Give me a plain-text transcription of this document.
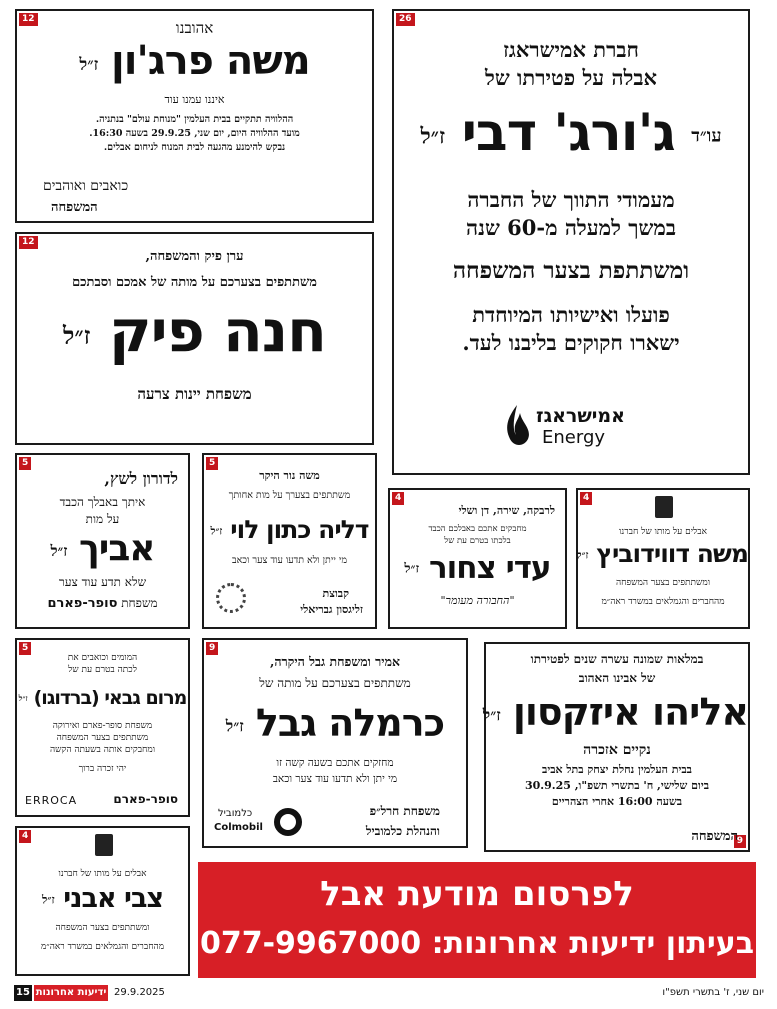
12	אהובנו
משה פרג'ון ז״ל
איננו עמנו עוד
ההלוויה תתקיים בבית העלמין "מנוחת עולם" בנתניה.
מועד ההלוויה היום, יום שני, 29.9.25 בשעה 16:30.
נבקש להימנע מהגעה לבית המנוח לניחום אבלים.
כואבים ואוהבים
המשפחה
26
חברת אמישראגז
אבלה על פטירתו של
עו״ד ג'ורג' דבי ז״ל
מעמודי התווך של החברה
במשך למעלה מ-60 שנה
ומשתתפת בצער המשפחה
פועלו ואישיותו המיוחדת
ישארו חקוקים בליבנו לעד.
אמישראגז
Energy
12
ערן פיק והמשפחה,
משתתפים בצערכם על מותה של אמכם וסבתכם
חנה פיק ז״ל
משפחת יינות צרעה
5
לדורון לשץ,
איתך באבלך הכבד
על מות
אביך ז״ל
שלא תדע עוד צער
משפחת סופר-פארם
5
משה נור היקר
משתתפים בצערך על מות אחותך
דליה כתון לוי ז״ל
מי ייתן ולא תדעו עוד צער וכאב
קבוצת
זליגסון גבריאלי
4
לרבקה, שירה, דן ושלי
מחבקים אתכם באבלכם הכבד
בלכתו בטרם עת של
עדי צחור ז״ל
"החבורה מעומר"
4
אבלים על מותו של חברנו
משה דווידוביץ ז״ל
ומשתתפים בצער המשפחה
מהחברים והגמלאים במשרד ראה״מ
5
המומים וכואבים את
לכתה בטרם עת של
מרום גבאי (ברדוגו) ז״ל
משפחת סופר-פארם ואירוקה
משתתפים בצער המשפחה
ומחבקים אותה בשעתה הקשה
יהי זכרה ברוך
ERROCA	סופר-פארם
9
אמיר ומשפחת גבל היקרה,
משתתפים בצערכם על מותה של
כרמלה גבל ז״ל
מחזקים אתכם בשעה קשה זו
מי יתן ולא תדעו עוד צער וכאב
משפחת חרל״פ
והנהלת כלמוביל
כלמוביל
Colmobil
9
במלאות שמונה עשרה שנים לפטירתו
של אבינו האהוב
אליהו איזקסון ז״ל
נקיים אזכרה
בבית העלמין נחלת יצחק בתל אביב
ביום שלישי, ח' בתשרי תשפ"ו, 30.9.25
בשעה 16:00 אחרי הצהריים
המשפחה
4
אבלים על מותו של חברנו
צבי אבני ז״ל
ומשתתפים בצער המשפחה
מהחברים והגמלאים במשרד ראה״מ
לפרסום מודעת אבל
בעיתון ידיעות אחרונות: 077-9967000
יום שני, ז' בתשרי תשפ"ו
29.9.2025
ידיעות אחרונות
15
